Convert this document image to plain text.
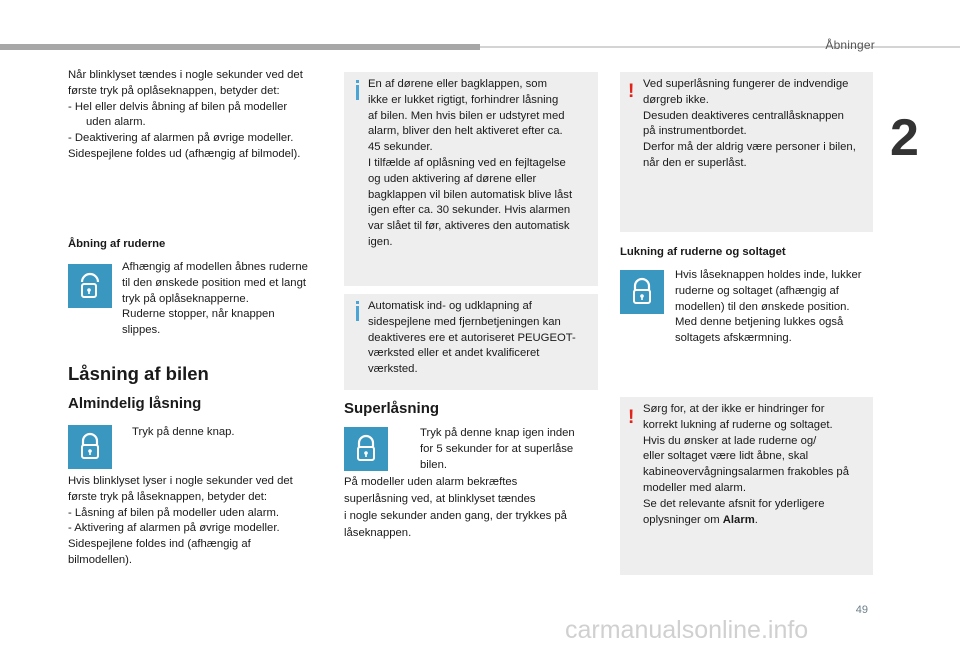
Åbninger
2
Når blinklyset tændes i nogle sekunder ved det
første tryk på oplåseknappen, betyder det:
- Hel eller delvis åbning af bilen på modeller
uden alarm.
- Deaktivering af alarmen på øvrige modeller.
Sidespejlene foldes ud (afhængig af bilmodel).
Åbning af ruderne
Afhængig af modellen åbnes ruderne
til den ønskede position med et langt
tryk på oplåseknapperne.
Ruderne stopper, når knappen
slippes.
Låsning af bilen
Almindelig låsning
Tryk på denne knap.
Hvis blinklyset lyser i nogle sekunder ved det
første tryk på låseknappen, betyder det:
- Låsning af bilen på modeller uden alarm.
- Aktivering af alarmen på øvrige modeller.
Sidespejlene foldes ind (afhængig af
bilmodellen).
En af dørene eller bagklappen, som
ikke er lukket rigtigt, forhindrer låsning
af bilen. Men hvis bilen er udstyret med
alarm, bliver den helt aktiveret efter ca.
45 sekunder.
I tilfælde af oplåsning ved en fejltagelse
og uden aktivering af dørene eller
bagklappen vil bilen automatisk blive låst
igen efter ca. 30 sekunder. Hvis alarmen
var slået til før, aktiveres den automatisk
igen.
Automatisk ind- og udklapning af
sidespejlene med fjernbetjeningen kan
deaktiveres ere et autoriseret PEUGEOT-
værksted eller et andet kvalificeret
værksted.
Superlåsning
Tryk på denne knap igen inden
for 5 sekunder for at superlåse
bilen.
På modeller uden alarm bekræftes
superlåsning ved, at blinklyset tændes
i nogle sekunder anden gang, der trykkes på
låseknappen.
! Ved superlåsning fungerer de indvendige
dørgreb ikke.
Desuden deaktiveres centrallåsknappen
på instrumentbordet.
Derfor må der aldrig være personer i bilen,
når den er superlåst.
Lukning af ruderne og soltaget
Hvis låseknappen holdes inde, lukker
ruderne og soltaget (afhængig af
modellen) til den ønskede position.
Med denne betjening lukkes også
soltagets afskærmning.
! Sørg for, at der ikke er hindringer for
korrekt lukning af ruderne og soltaget.
Hvis du ønsker at lade ruderne og/
eller soltaget være lidt åbne, skal
kabineovervågningsalarmen frakobles på
modeller med alarm.
Se det relevante afsnit for yderligere
oplysninger om Alarm.
49
carmanualsonline.info
